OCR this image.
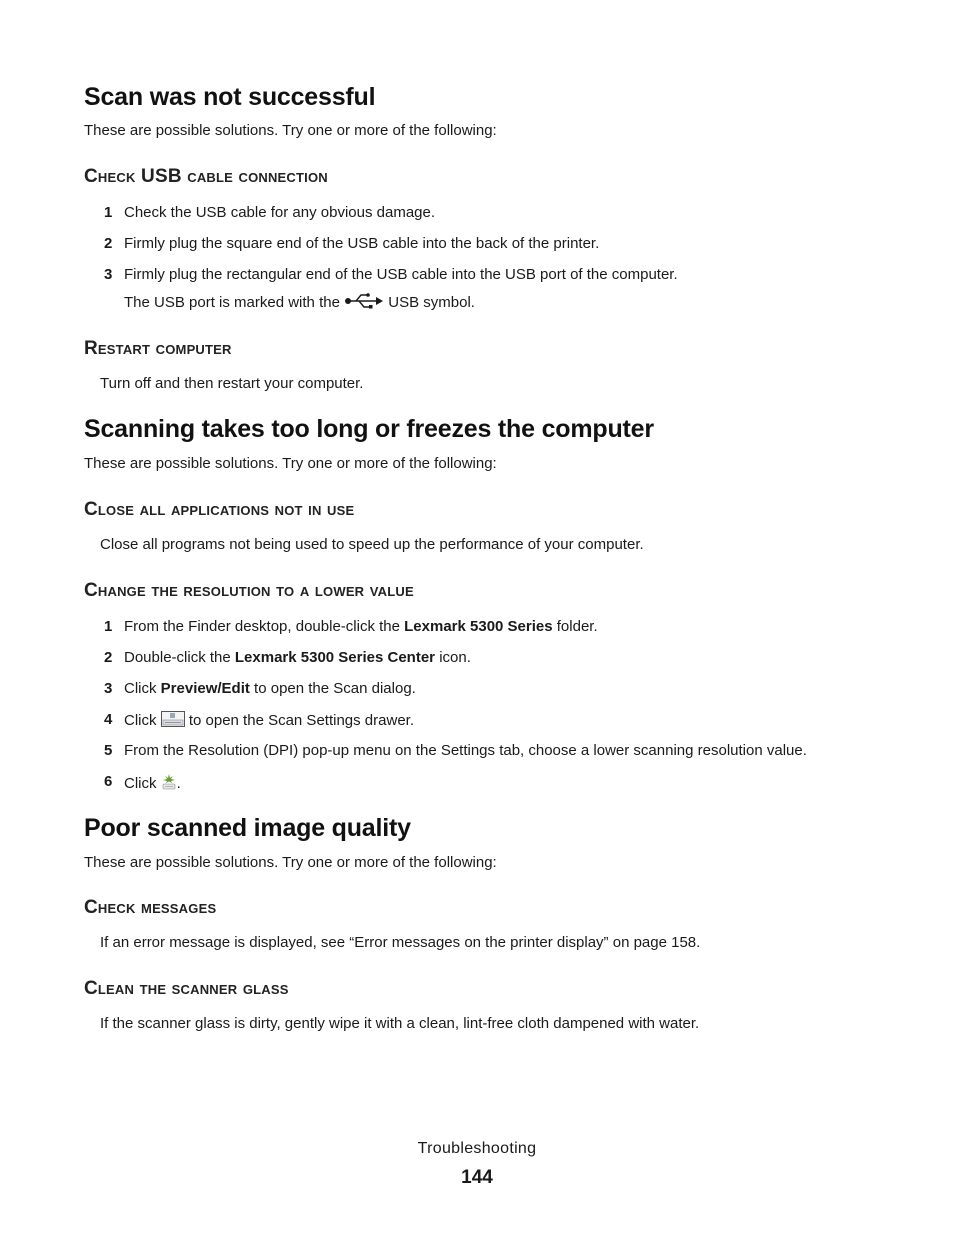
Scan was not successful
These are possible solutions. Try one or more of the following:
Check USB cable connection
1 Check the USB cable for any obvious damage.
2 Firmly plug the square end of the USB cable into the back of the printer.
3 Firmly plug the rectangular end of the USB cable into the USB port of the computer.
The USB port is marked with the	USB symbol.
Restart computer
Turn off and then restart your computer.
Scanning takes too long or freezes the computer
These are possible solutions. Try one or more of the following:
Close all applications not in use
Close all programs not being used to speed up the performance of your computer.
Change the resolution to a lower value
1 From the Finder desktop, double-click the Lexmark 5300 Series folder.
2 Double-click the Lexmark 5300 Series Center icon.
3 Click Preview/Edit to open the Scan dialog.
4 Click to open the Scan Settings drawer.
5 From the Resolution (DPI) pop-up menu on the Settings tab, choose a lower scanning resolution value.
6 Click .
Poor scanned image quality
These are possible solutions. Try one or more of the following:
Check messages
If an error message is displayed, see “Error messages on the printer display” on page 158.
Clean the scanner glass
If the scanner glass is dirty, gently wipe it with a clean, lint-free cloth dampened with water.
Troubleshooting
144
